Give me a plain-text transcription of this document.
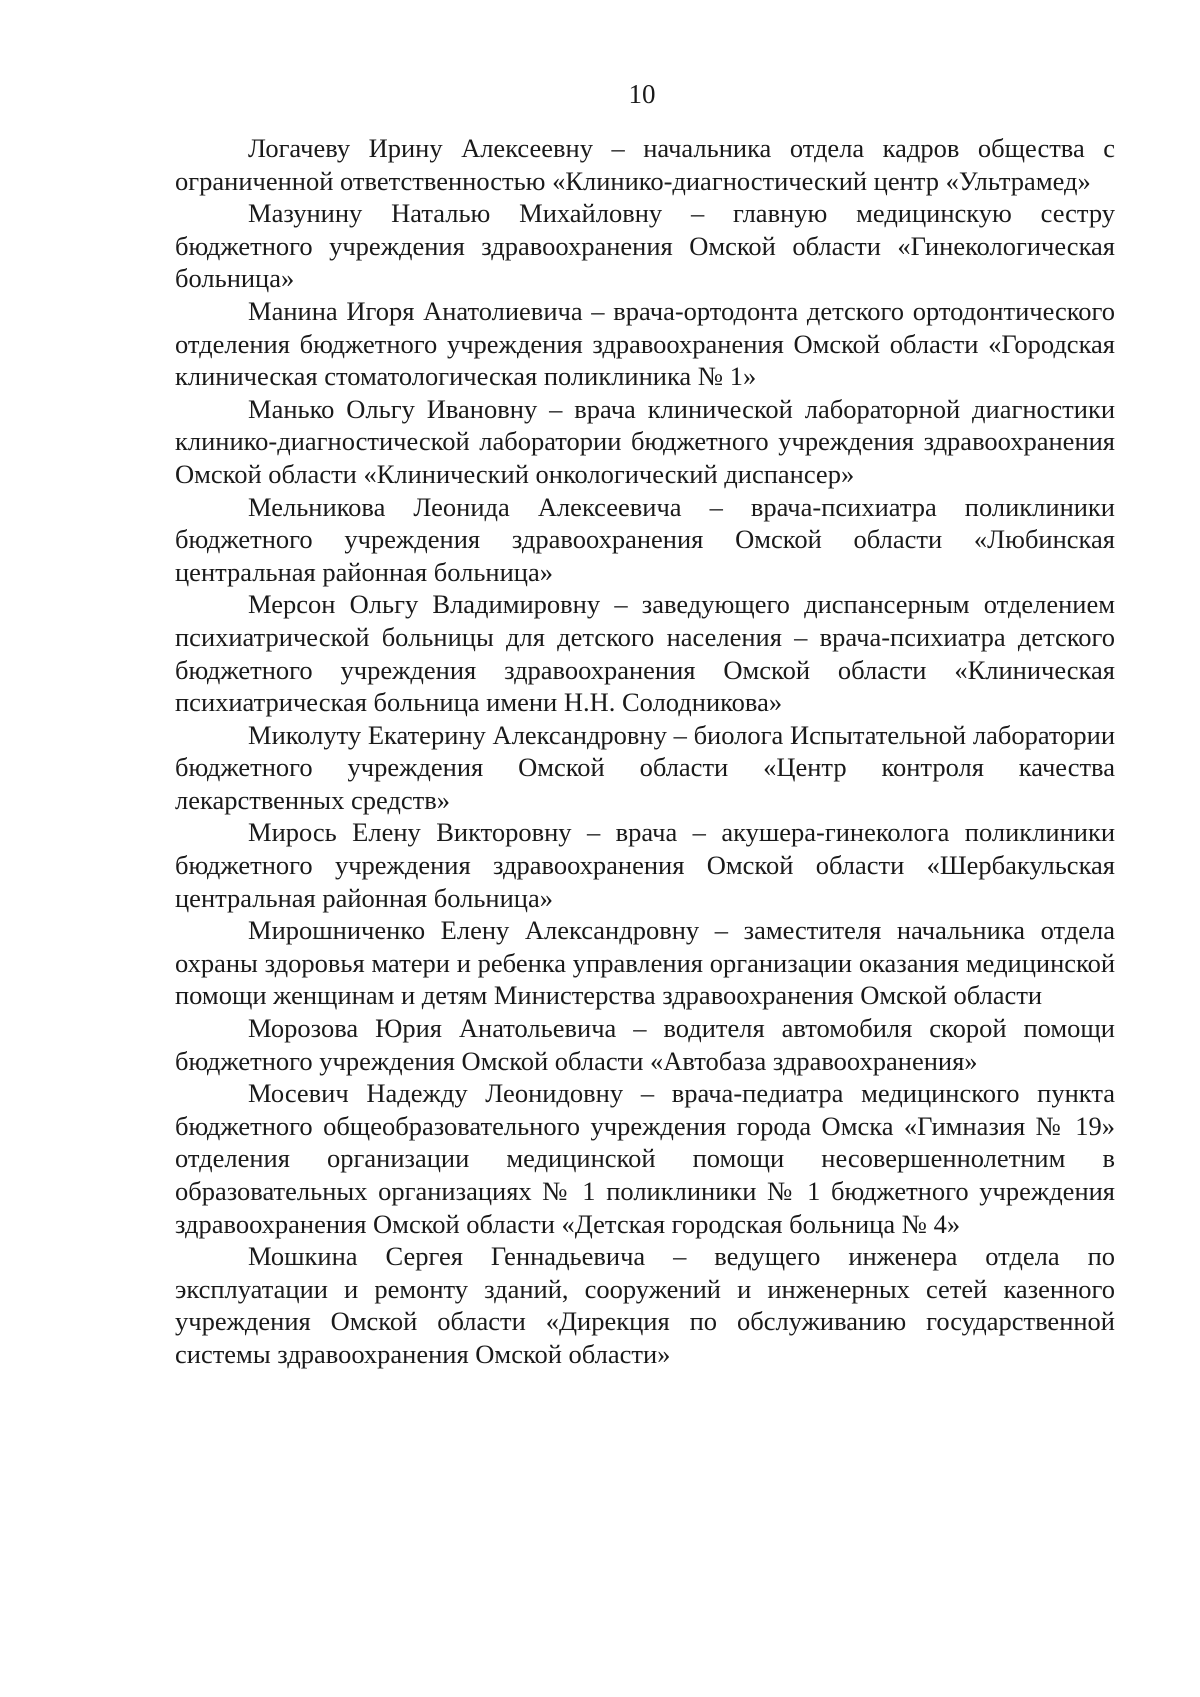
10

Логачеву Ирину Алексеевну – начальника отдела кадров общества с ограниченной ответственностью «Клинико-диагностический центр «Ультрамед»

Мазунину Наталью Михайловну – главную медицинскую сестру бюджетного учреждения здравоохранения Омской области «Гинекологическая больница»

Манина Игоря Анатолиевича – врача-ортодонта детского ортодонтического отделения бюджетного учреждения здравоохранения Омской области «Городская клиническая стоматологическая поликлиника № 1»

Манько Ольгу Ивановну – врача клинической лабораторной диагностики клинико-диагностической лаборатории бюджетного учреждения здравоохранения Омской области «Клинический онкологический диспансер»

Мельникова Леонида Алексеевича – врача-психиатра поликлиники бюджетного учреждения здравоохранения Омской области «Любинская центральная районная больница»

Мерсон Ольгу Владимировну – заведующего диспансерным отделением психиатрической больницы для детского населения – врача-психиатра детского бюджетного учреждения здравоохранения Омской области «Клиническая психиатрическая больница имени Н.Н. Солодникова»

Миколуту Екатерину Александровну – биолога Испытательной лаборатории бюджетного учреждения Омской области «Центр контроля качества лекарственных средств»

Мирось Елену Викторовну – врача – акушера-гинеколога поликлиники бюджетного учреждения здравоохранения Омской области «Шербакульская центральная районная больница»

Мирошниченко Елену Александровну – заместителя начальника отдела охраны здоровья матери и ребенка управления организации оказания медицинской помощи женщинам и детям Министерства здравоохранения Омской области

Морозова Юрия Анатольевича – водителя автомобиля скорой помощи бюджетного учреждения Омской области «Автобаза здравоохранения»

Мосевич Надежду Леонидовну – врача-педиатра медицинского пункта бюджетного общеобразовательного учреждения города Омска «Гимназия № 19» отделения организации медицинской помощи несовершеннолетним в образовательных организациях № 1 поликлиники № 1 бюджетного учреждения здравоохранения Омской области «Детская городская больница № 4»

Мошкина Сергея Геннадьевича – ведущего инженера отдела по эксплуатации и ремонту зданий, сооружений и инженерных сетей казенного учреждения Омской области «Дирекция по обслуживанию государственной системы здравоохранения Омской области»
